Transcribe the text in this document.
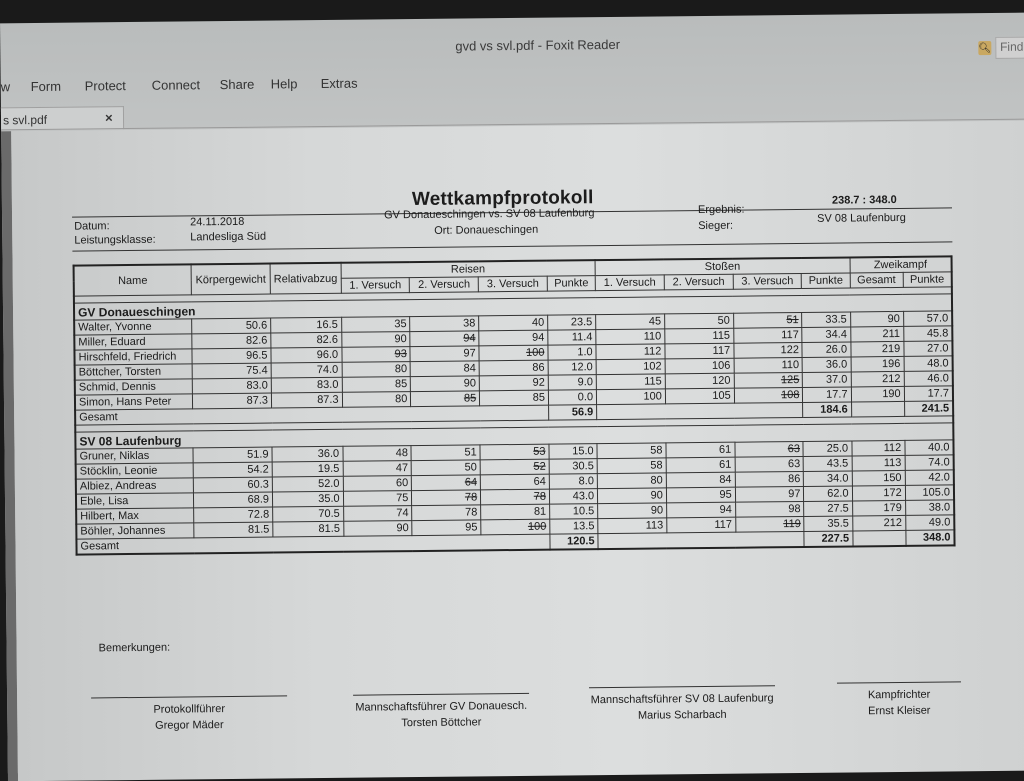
gvd vs svl.pdf - Foxit Reader	🔍︎ Find
w Form Protect Connect Share Help Extras
s svl.pdf	×
Wettkampfprotokoll
Datum:	24.11.2018
Leistungsklasse:	Landesliga Süd
GV Donaueschingen vs. SV 08 Laufenburg
Ort: Donaueschingen
Ergebnis:
238.7 : 348.0
Sieger:
SV 08 Laufenburg
Name	Körpergewicht	Relativabzug	Reisen				Stoßen				Zweikampf	
			1. Versuch	2. Versuch	3. Versuch	Punkte	1. Versuch	2. Versuch	3. Versuch	Punkte	Gesamt	Punkte

GV Donaueschingen												
Walter, Yvonne	50.6	16.5	35	38	40	23.5	45	50	51	33.5	90	57.0
Miller, Eduard	82.6	82.6	90	94	94	11.4	110	115	117	34.4	211	45.8
Hirschfeld, Friedrich	96.5	96.0	93	97	100	1.0	112	117	122	26.0	219	27.0
Böttcher, Torsten	75.4	74.0	80	84	86	12.0	102	106	110	36.0	196	48.0
Schmid, Dennis	83.0	83.0	85	90	92	9.0	115	120	125	37.0	212	46.0
Simon, Hans Peter	87.3	87.3	80	85	85	0.0	100	105	108	17.7	190	17.7
Gesamt						56.9				184.6		241.5

SV 08 Laufenburg												
Gruner, Niklas	51.9	36.0	48	51	53	15.0	58	61	63	25.0	112	40.0
Stöcklin, Leonie	54.2	19.5	47	50	52	30.5	58	61	63	43.5	113	74.0
Albiez, Andreas	60.3	52.0	60	64	64	8.0	80	84	86	34.0	150	42.0
Eble, Lisa	68.9	35.0	75	78	78	43.0	90	95	97	62.0	172	105.0
Hilbert, Max	72.8	70.5	74	78	81	10.5	90	94	98	27.5	179	38.0
Böhler, Johannes	81.5	81.5	90	95	100	13.5	113	117	119	35.5	212	49.0
Gesamt						120.5				227.5		348.0
Bemerkungen:
Protokollführer
Gregor Mäder
Mannschaftsführer GV Donauesch.
Torsten Böttcher
Mannschaftsführer SV 08 Laufenburg
Marius Scharbach
Kampfrichter
Ernst Kleiser
